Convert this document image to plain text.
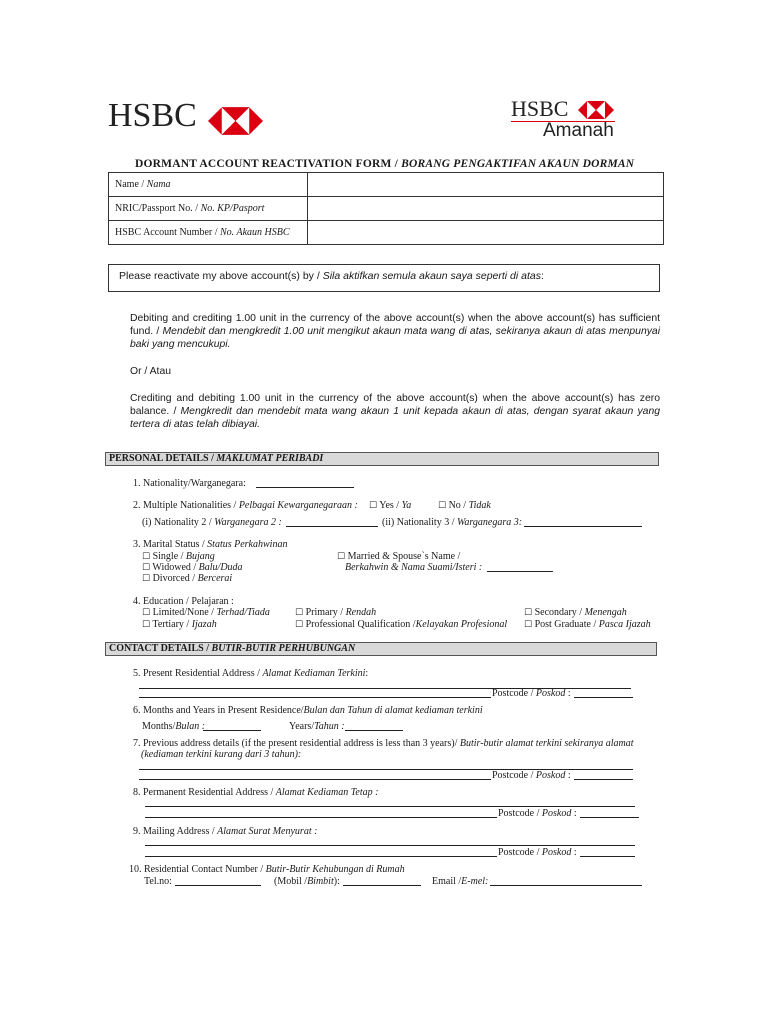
HSBC	HSBC
Amanah
DORMANT ACCOUNT REACTIVATION FORM / BORANG PENGAKTIFAN AKAUN DORMAN
Name / Nama	
NRIC/Passport No. / No. KP/Pasport	
HSBC Account Number / No. Akaun HSBC	
Please reactivate my above account(s) by / Sila aktifkan semula akaun saya seperti di atas:
Debiting and crediting 1.00 unit in the currency of the above account(s) when the above account(s) has sufficient fund. / Mendebit dan mengkredit 1.00 unit mengikut akaun mata wang di atas, sekiranya akaun di atas menpunyai baki yang mencukupi.
Or / Atau
Crediting and debiting 1.00 unit in the currency of the above account(s) when the above account(s) has zero balance. / Mengkredit dan mendebit mata wang akaun 1 unit kepada akaun di atas, dengan syarat akaun yang tertera di atas telah dibiayai.
PERSONAL DETAILS / MAKLUMAT PERIBADI
1. Nationality/Warganegara:
2. Multiple Nationalities / Pelbagai Kewarganegaraan : ☐ Yes / Ya	☐ No / Tidak
(i) Nationality 2 / Warganegara 2 :	(ii) Nationality 3 / Warganegara 3:
3. Marital Status / Status Perkahwinan
☐ Single / Bujang
☐ Widowed / Balu/Duda
☐ Divorced / Bercerai
☐ Married & Spouse`s Name /
Berkahwin & Nama Suami/Isteri :
4. Education / Pelajaran :
☐ Limited/None / Terhad/Tiada	☐ Primary / Rendah	☐ Secondary / Menengah
☐ Tertiary / Ijazah	☐ Professional Qualification /Kelayakan Profesional ☐ Post Graduate / Pasca Ijazah
CONTACT DETAILS / BUTIR-BUTIR PERHUBUNGAN
5. Present Residential Address / Alamat Kediaman Terkini:
Postcode / Poskod :
6. Months and Years in Present Residence/Bulan dan Tahun di alamat kediaman terkini
Months/Bulan :	Years/Tahun :
7. Previous address details (if the present residential address is less than 3 years)/ Butir-butir alamat terkini sekiranya alamat
(kediaman terkini kurang dari 3 tahun):
Postcode / Poskod :
8. Permanent Residential Address / Alamat Kediaman Tetap :
Postcode / Poskod :
9. Mailing Address / Alamat Surat Menyurat :
Postcode / Poskod :
10. Residential Contact Number / Butir-Butir Kehubungan di Rumah
Tel.no:	(Mobil /Bimbit):	Email /E-mel:
